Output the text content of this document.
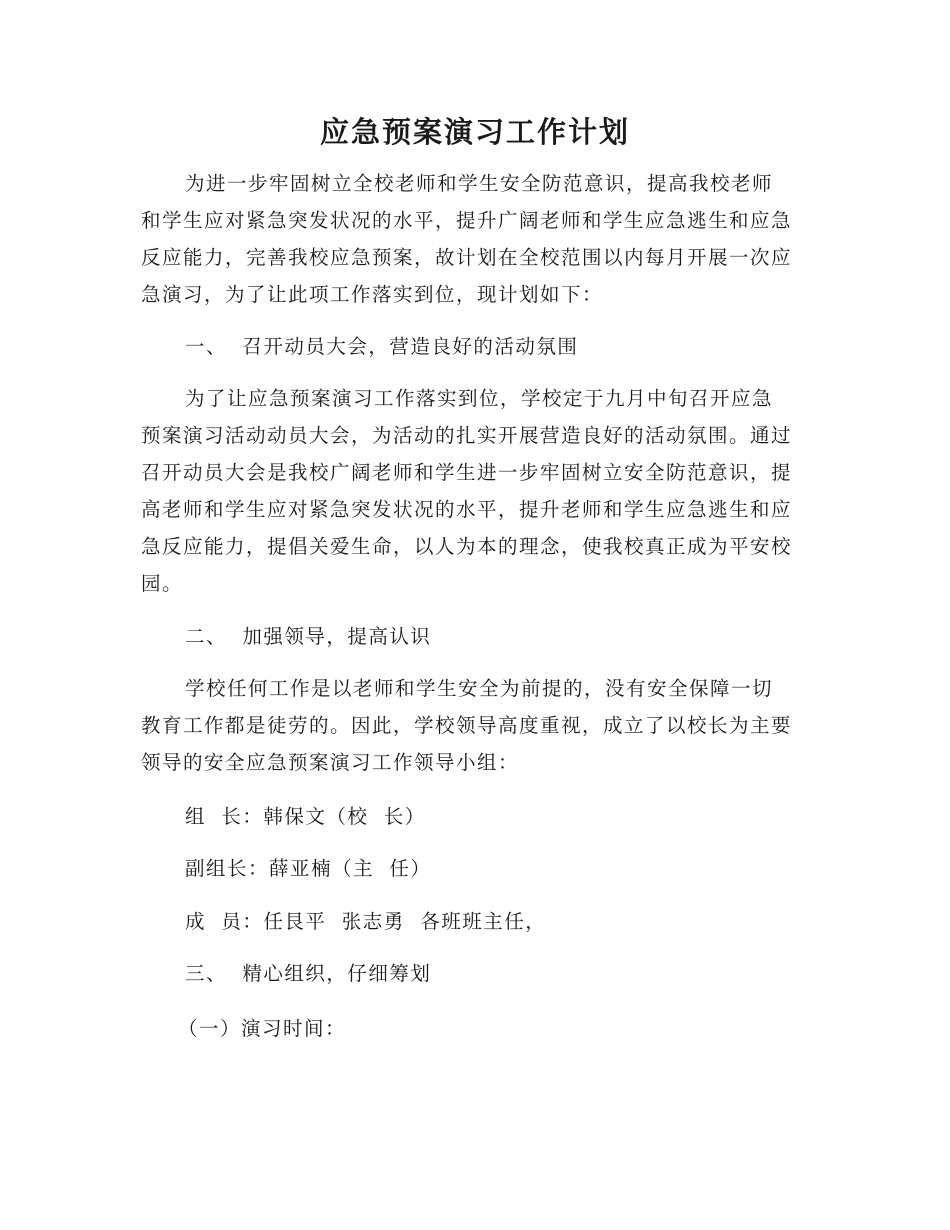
应急预案演习工作计划

为进一步牢固树立全校老师和学生安全防范意识，提高我校老师和学生应对紧急突发状况的水平，提升广阔老师和学生应急逃生和应急反应能力，完善我校应急预案，故计划在全校范围以内每月开展一次应急演习，为了让此项工作落实到位，现计划如下：

一、  召开动员大会，营造良好的活动氛围

为了让应急预案演习工作落实到位，学校定于九月中旬召开应急预案演习活动动员大会，为活动的扎实开展营造良好的活动氛围。通过召开动员大会是我校广阔老师和学生进一步牢固树立安全防范意识，提高老师和学生应对紧急突发状况的水平，提升老师和学生应急逃生和应急反应能力，提倡关爱生命，以人为本的理念，使我校真正成为平安校园。

二、  加强领导，提高认识

学校任何工作是以老师和学生安全为前提的，没有安全保障一切教育工作都是徒劳的。因此，学校领导高度重视，成立了以校长为主要领导的安全应急预案演习工作领导小组：

组  长：韩保文（校  长）

副组长：薛亚楠（主  任）

成  员：任艮平  张志勇  各班班主任，

三、  精心组织，仔细筹划

（一）演习时间：
